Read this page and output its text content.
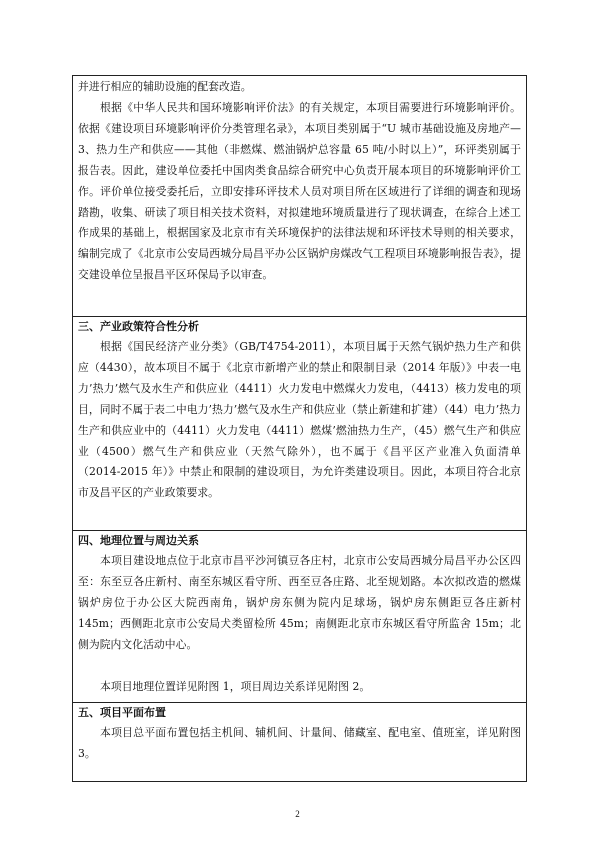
并进行相应的辅助设施的配套改造。

根据《中华人民共和国环境影响评价法》的有关规定，本项目需要进行环境影响评价。依据《建设项目环境影响评价分类管理名录》，本项目类别属于“U 城市基础设施及房地产—3、热力生产和供应——其他（非燃煤、燃油锅炉总容量 65 吨/小时以上）”，环评类别属于报告表。因此，建设单位委托中国肉类食品综合研究中心负责开展本项目的环境影响评价工作。评价单位接受委托后，立即安排环评技术人员对项目所在区域进行了详细的调查和现场踏勘，收集、研读了项目相关技术资料，对拟建地环境质量进行了现状调查，在综合上述工作成果的基础上，根据国家及北京市有关环境保护的法律法规和环评技术导则的相关要求，编制完成了《北京市公安局西城分局昌平办公区锅炉房煤改气工程项目环境影响报告表》，提交建设单位呈报昌平区环保局予以审查。

三、产业政策符合性分析

根据《国民经济产业分类》（GB/T4754-2011），本项目属于天然气锅炉热力生产和供应（4430），故本项目不属于《北京市新增产业的禁止和限制目录（2014 年版）》中表一电力’热力’燃气及水生产和供应业（4411）火力发电中燃煤火力发电，（4413）核力发电的项目，同时不属于表二中电力’热力’燃气及水生产和供应业（禁止新建和扩建）（44）电力’热力生产和供应业中的（4411）火力发电（4411）燃煤’燃油热力生产，（45）燃气生产和供应业（4500）燃气生产和供应业（天然气除外），也不属于《昌平区产业准入负面清单（2014-2015 年）》中禁止和限制的建设项目，为允许类建设项目。因此，本项目符合北京市及昌平区的产业政策要求。

四、地理位置与周边关系

本项目建设地点位于北京市昌平沙河镇豆各庄村，北京市公安局西城分局昌平办公区四至：东至豆各庄新村、南至东城区看守所、西至豆各庄路、北至规划路。本次拟改造的燃煤锅炉房位于办公区大院西南角，锅炉房东侧为院内足球场，锅炉房东侧距豆各庄新村 145m；西侧距北京市公安局犬类留检所 45m；南侧距北京市东城区看守所监舍 15m；北侧为院内文化活动中心。

本项目地理位置详见附图 1，项目周边关系详见附图 2。

五、项目平面布置

本项目总平面布置包括主机间、辅机间、计量间、储藏室、配电室、值班室，详见附图 3。

2
